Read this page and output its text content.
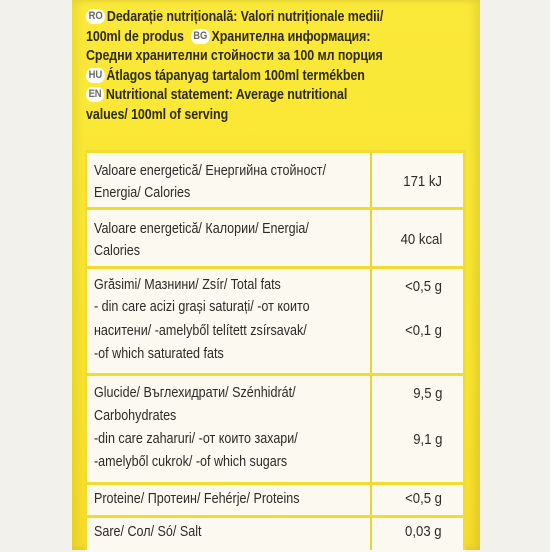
RO Dedarație nutrițională: Valori nutriționale medii/
100ml de produs BG Хранителна информация:
Средни хранителни стойности за 100 мл порция
HU Átlagos tápanyag tartalom 100ml termékben
EN Nutritional statement: Average nutritional
values/ 100ml of serving
Valoare energetică/ Енергийна стойност/
Energia/ Calories
171 kJ
Valoare energetică/ Калории/ Energia/
Calories
40 kcal
Grăsimi/ Мазнини/ Zsír/ Total fats
- din care acizi grași saturați/ -от които
наситени/ -amelyből telített zsírsavak/
-of which saturated fats
<0,5 g
<0,1 g
Glucide/ Въглехидрати/ Szénhidrát/
Carbohydrates
-din care zaharuri/ -от които захари/
-amelyből cukrok/ -of which sugars
9,5 g
9,1 g
Proteine/ Протеин/ Fehérje/ Proteins	<0,5 g
Sare/ Сол/ Só/ Salt	0,03 g
